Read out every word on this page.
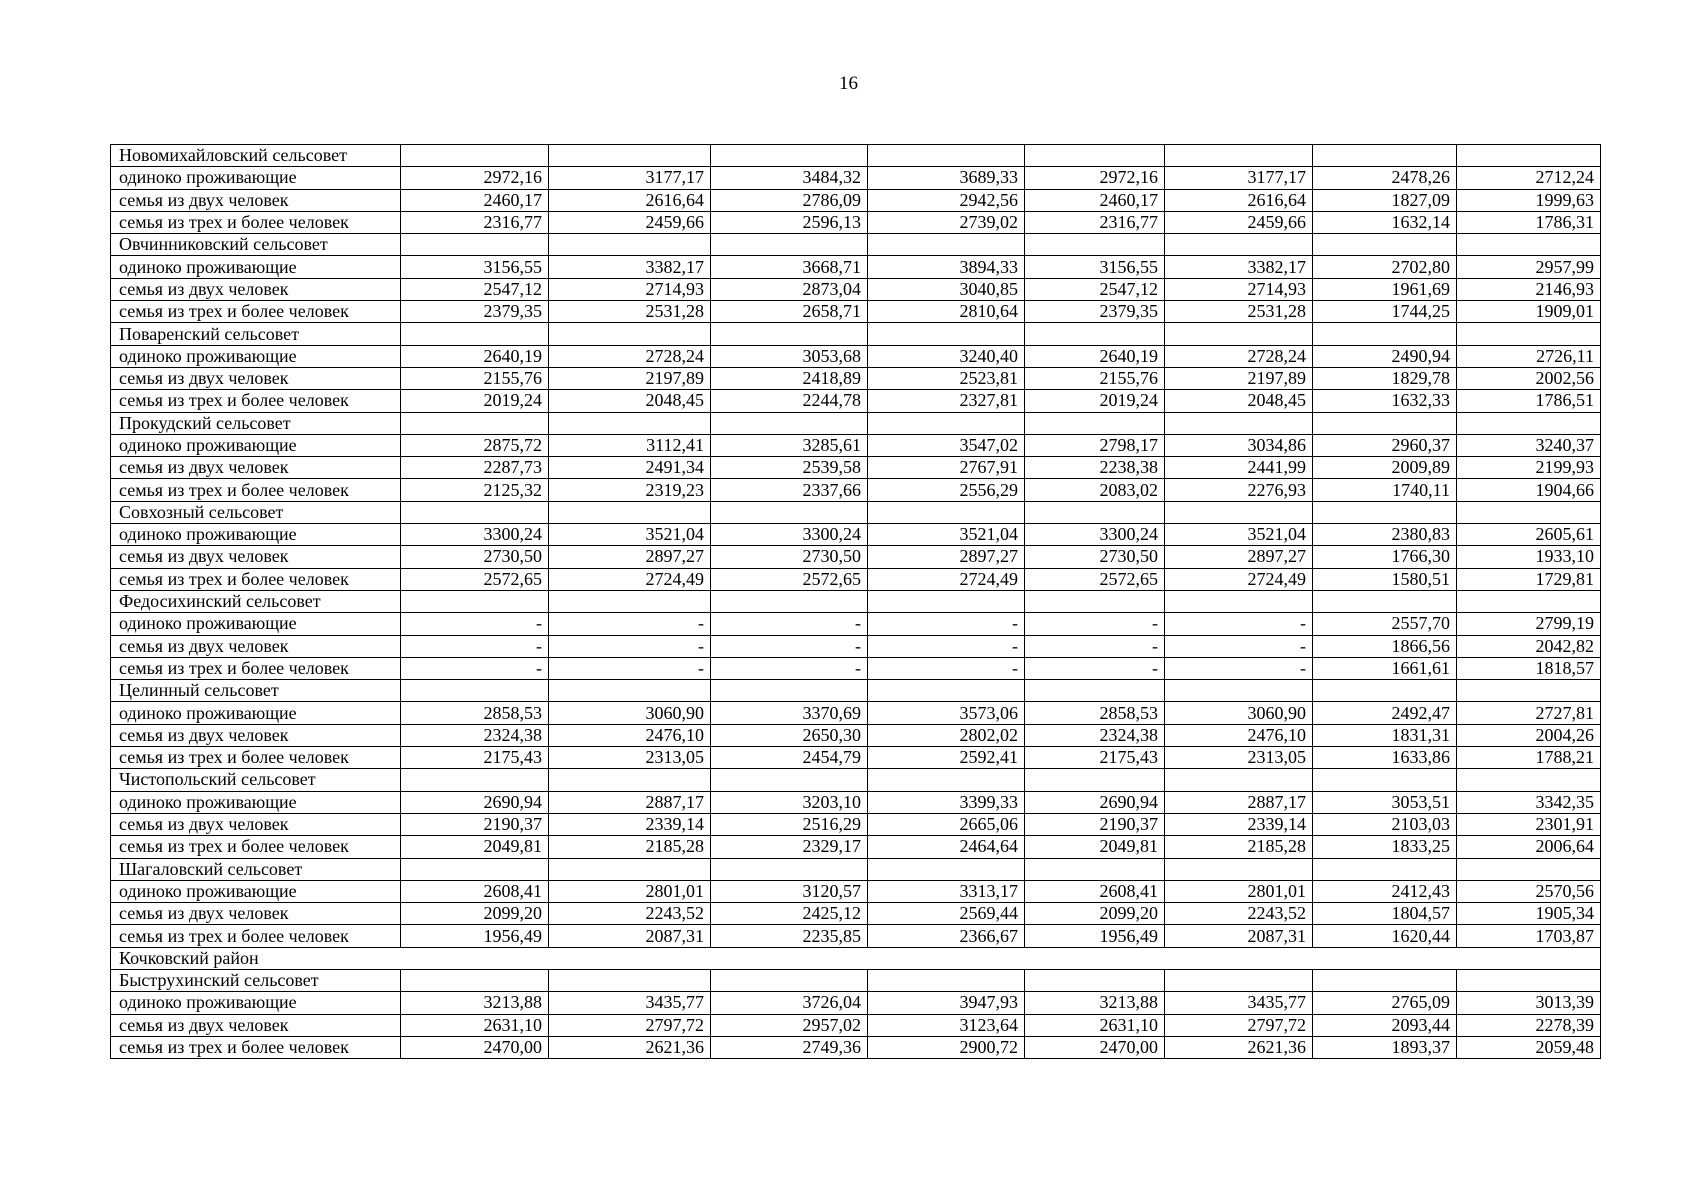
16
Новомихайловский сельсовет								
одиноко проживающие	2972,16	3177,17	3484,32	3689,33	2972,16	3177,17	2478,26	2712,24
семья из двух человек	2460,17	2616,64	2786,09	2942,56	2460,17	2616,64	1827,09	1999,63
семья из трех и более человек	2316,77	2459,66	2596,13	2739,02	2316,77	2459,66	1632,14	1786,31
Овчинниковский сельсовет								
одиноко проживающие	3156,55	3382,17	3668,71	3894,33	3156,55	3382,17	2702,80	2957,99
семья из двух человек	2547,12	2714,93	2873,04	3040,85	2547,12	2714,93	1961,69	2146,93
семья из трех и более человек	2379,35	2531,28	2658,71	2810,64	2379,35	2531,28	1744,25	1909,01
Поваренский сельсовет								
одиноко проживающие	2640,19	2728,24	3053,68	3240,40	2640,19	2728,24	2490,94	2726,11
семья из двух человек	2155,76	2197,89	2418,89	2523,81	2155,76	2197,89	1829,78	2002,56
семья из трех и более человек	2019,24	2048,45	2244,78	2327,81	2019,24	2048,45	1632,33	1786,51
Прокудский сельсовет								
одиноко проживающие	2875,72	3112,41	3285,61	3547,02	2798,17	3034,86	2960,37	3240,37
семья из двух человек	2287,73	2491,34	2539,58	2767,91	2238,38	2441,99	2009,89	2199,93
семья из трех и более человек	2125,32	2319,23	2337,66	2556,29	2083,02	2276,93	1740,11	1904,66
Совхозный сельсовет								
одиноко проживающие	3300,24	3521,04	3300,24	3521,04	3300,24	3521,04	2380,83	2605,61
семья из двух человек	2730,50	2897,27	2730,50	2897,27	2730,50	2897,27	1766,30	1933,10
семья из трех и более человек	2572,65	2724,49	2572,65	2724,49	2572,65	2724,49	1580,51	1729,81
Федосихинский сельсовет								
одиноко проживающие	-	-	-	-	-	-	2557,70	2799,19
семья из двух человек	-	-	-	-	-	-	1866,56	2042,82
семья из трех и более человек	-	-	-	-	-	-	1661,61	1818,57
Целинный сельсовет								
одиноко проживающие	2858,53	3060,90	3370,69	3573,06	2858,53	3060,90	2492,47	2727,81
семья из двух человек	2324,38	2476,10	2650,30	2802,02	2324,38	2476,10	1831,31	2004,26
семья из трех и более человек	2175,43	2313,05	2454,79	2592,41	2175,43	2313,05	1633,86	1788,21
Чистопольский сельсовет								
одиноко проживающие	2690,94	2887,17	3203,10	3399,33	2690,94	2887,17	3053,51	3342,35
семья из двух человек	2190,37	2339,14	2516,29	2665,06	2190,37	2339,14	2103,03	2301,91
семья из трех и более человек	2049,81	2185,28	2329,17	2464,64	2049,81	2185,28	1833,25	2006,64
Шагаловский сельсовет								
одиноко проживающие	2608,41	2801,01	3120,57	3313,17	2608,41	2801,01	2412,43	2570,56
семья из двух человек	2099,20	2243,52	2425,12	2569,44	2099,20	2243,52	1804,57	1905,34
семья из трех и более человек	1956,49	2087,31	2235,85	2366,67	1956,49	2087,31	1620,44	1703,87
Кочковский район								
Быструхинский сельсовет								
одиноко проживающие	3213,88	3435,77	3726,04	3947,93	3213,88	3435,77	2765,09	3013,39
семья из двух человек	2631,10	2797,72	2957,02	3123,64	2631,10	2797,72	2093,44	2278,39
семья из трех и более человек	2470,00	2621,36	2749,36	2900,72	2470,00	2621,36	1893,37	2059,48
